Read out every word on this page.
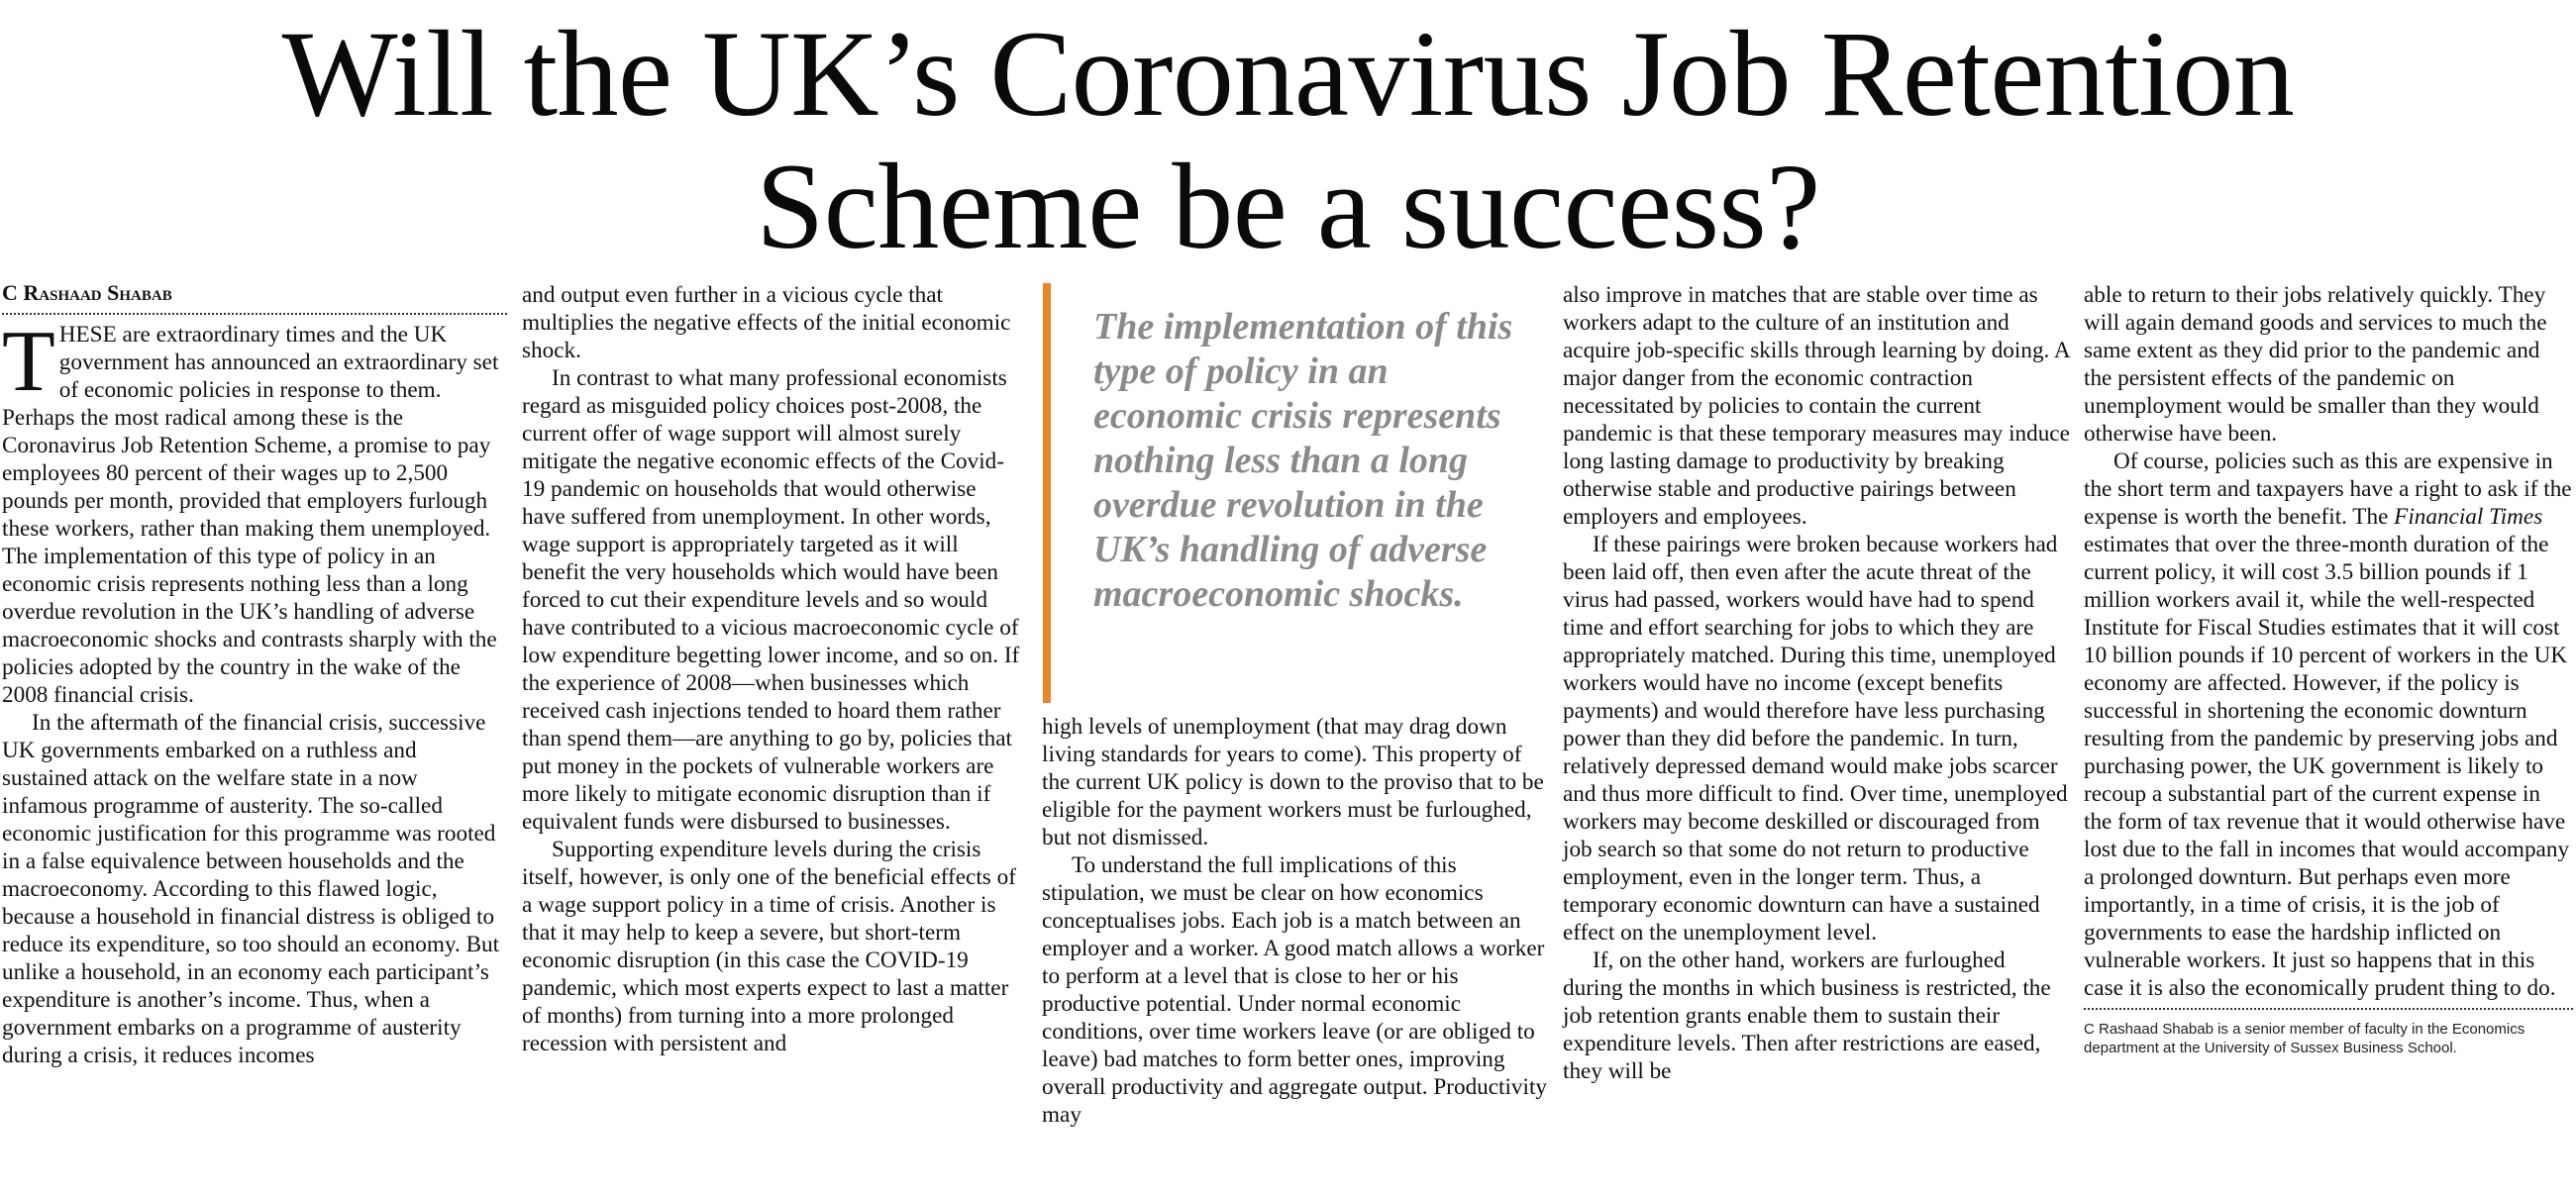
Will the UK’s Coronavirus Job Retention
Scheme be a success?
C Rashaad Shabab

THESE are extraordinary times and the UK government has announced an extraordinary set of economic policies in response to them. Perhaps the most radical among these is the Coronavirus Job Retention Scheme, a promise to pay employees 80 percent of their wages up to 2,500 pounds per month, provided that employers furlough these workers, rather than making them unemployed. The implementation of this type of policy in an economic crisis represents nothing less than a long overdue revolution in the UK’s handling of adverse macroeconomic shocks and contrasts sharply with the policies adopted by the country in the wake of the 2008 financial crisis.

In the aftermath of the financial crisis, successive UK governments embarked on a ruthless and sustained attack on the welfare state in a now infamous programme of austerity. The so-called economic justification for this programme was rooted in a false equivalence between households and the macroeconomy. According to this flawed logic, because a household in financial distress is obliged to reduce its expenditure, so too should an economy. But unlike a household, in an economy each participant’s expenditure is another’s income. Thus, when a government embarks on a programme of austerity during a crisis, it reduces incomes

and output even further in a vicious cycle that multiplies the negative effects of the initial economic shock.

In contrast to what many professional economists regard as misguided policy choices post-2008, the current offer of wage support will almost surely mitigate the negative economic effects of the Covid-19 pandemic on households that would otherwise have suffered from unemployment. In other words, wage support is appropriately targeted as it will benefit the very households which would have been forced to cut their expenditure levels and so would have contributed to a vicious macroeconomic cycle of low expenditure begetting lower income, and so on. If the experience of 2008—when businesses which received cash injections tended to hoard them rather than spend them—are anything to go by, policies that put money in the pockets of vulnerable workers are more likely to mitigate economic disruption than if equivalent funds were disbursed to businesses.

Supporting expenditure levels during the crisis itself, however, is only one of the beneficial effects of a wage support policy in a time of crisis. Another is that it may help to keep a severe, but short-term economic disruption (in this case the COVID-19 pandemic, which most experts expect to last a matter of months) from turning into a more prolonged recession with persistent and

The implementation of this type of policy in an economic crisis represents nothing less than a long overdue revolution in the UK’s handling of adverse macroeconomic shocks.

high levels of unemployment (that may drag down living standards for years to come). This property of the current UK policy is down to the proviso that to be eligible for the payment workers must be furloughed, but not dismissed.

To understand the full implications of this stipulation, we must be clear on how economics conceptualises jobs. Each job is a match between an employer and a worker. A good match allows a worker to perform at a level that is close to her or his productive potential. Under normal economic conditions, over time workers leave (or are obliged to leave) bad matches to form better ones, improving overall productivity and aggregate output. Productivity may

also improve in matches that are stable over time as workers adapt to the culture of an institution and acquire job-specific skills through learning by doing. A major danger from the economic contraction necessitated by policies to contain the current pandemic is that these temporary measures may induce long lasting damage to productivity by breaking otherwise stable and productive pairings between employers and employees.

If these pairings were broken because workers had been laid off, then even after the acute threat of the virus had passed, workers would have had to spend time and effort searching for jobs to which they are appropriately matched. During this time, unemployed workers would have no income (except benefits payments) and would therefore have less purchasing power than they did before the pandemic. In turn, relatively depressed demand would make jobs scarcer and thus more difficult to find. Over time, unemployed workers may become deskilled or discouraged from job search so that some do not return to productive employment, even in the longer term. Thus, a temporary economic downturn can have a sustained effect on the unemployment level.

If, on the other hand, workers are furloughed during the months in which business is restricted, the job retention grants enable them to sustain their expenditure levels. Then after restrictions are eased, they will be

able to return to their jobs relatively quickly. They will again demand goods and services to much the same extent as they did prior to the pandemic and the persistent effects of the pandemic on unemployment would be smaller than they would otherwise have been.

Of course, policies such as this are expensive in the short term and taxpayers have a right to ask if the expense is worth the benefit. The Financial Times estimates that over the three-month duration of the current policy, it will cost 3.5 billion pounds if 1 million workers avail it, while the well-respected Institute for Fiscal Studies estimates that it will cost 10 billion pounds if 10 percent of workers in the UK economy are affected. However, if the policy is successful in shortening the economic downturn resulting from the pandemic by preserving jobs and purchasing power, the UK government is likely to recoup a substantial part of the current expense in the form of tax revenue that it would otherwise have lost due to the fall in incomes that would accompany a prolonged downturn. But perhaps even more importantly, in a time of crisis, it is the job of governments to ease the hardship inflicted on vulnerable workers. It just so happens that in this case it is also the economically prudent thing to do.

C Rashaad Shabab is a senior member of faculty in the Economics department at the University of Sussex Business School.
